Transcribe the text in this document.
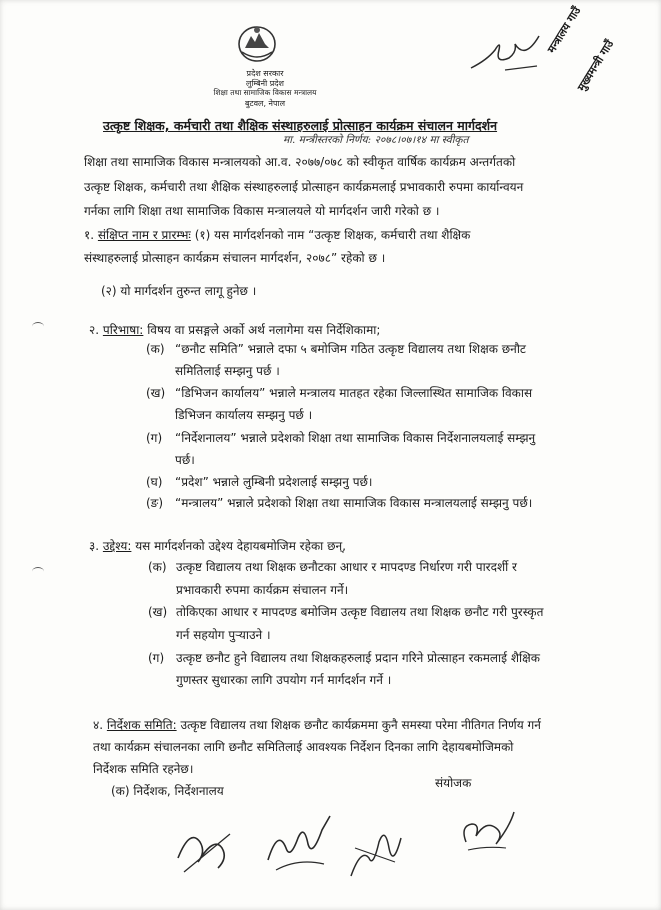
प्रदेश सरकार
लुम्बिनी प्रदेश
शिक्षा तथा सामाजिक विकास मन्त्रालय
बुटवल, नेपाल
मन्त्रालय गाउँ
मुख्यमन्त्री गाउँ
उत्कृष्ट शिक्षक, कर्मचारी तथा शैक्षिक संस्थाहरुलाई प्रोत्साहन कार्यक्रम संचालन मार्गदर्शन
मा. मन्त्रीस्तरको निर्णय: २०७८।०७।१४ मा स्वीकृत
शिक्षा तथा सामाजिक विकास मन्त्रालयको आ.व. २०७७/०७८ को स्वीकृत वार्षिक कार्यक्रम अन्तर्गतको
उत्कृष्ट शिक्षक, कर्मचारी तथा शैक्षिक संस्थाहरुलाई प्रोत्साहन कार्यक्रमलाई प्रभावकारी रुपमा कार्यान्वयन
गर्नका लागि शिक्षा तथा सामाजिक विकास मन्त्रालयले यो मार्गदर्शन जारी गरेको छ ।
१. संक्षिप्त नाम र प्रारम्भः (१) यस मार्गदर्शनको नाम “उत्कृष्ट शिक्षक, कर्मचारी तथा शैक्षिक
संस्थाहरुलाई प्रोत्साहन कार्यक्रम संचालन मार्गदर्शन, २०७८” रहेको छ ।
(२) यो मार्गदर्शन तुरुन्त लागू हुनेछ ।
२. परिभाषा: विषय वा प्रसङ्गले अर्को अर्थ नलागेमा यस निर्देशिकामा;
(क) “छनौट समिति” भन्नाले दफा ५ बमोजिम गठित उत्कृष्ट विद्यालय तथा शिक्षक छनौट
समितिलाई सम्झनु पर्छ ।
(ख) “डिभिजन कार्यालय” भन्नाले मन्त्रालय मातहत रहेका जिल्लास्थित सामाजिक विकास
डिभिजन कार्यालय सम्झनु पर्छ ।
(ग) “निर्देशनालय” भन्नाले प्रदेशको शिक्षा तथा सामाजिक विकास निर्देशनालयलाई सम्झनु
पर्छ।
(घ) “प्रदेश” भन्नाले लुम्बिनी प्रदेशलाई सम्झनु पर्छ।
(ङ) “मन्त्रालय” भन्नाले प्रदेशको शिक्षा तथा सामाजिक विकास मन्त्रालयलाई सम्झनु पर्छ।
३. उद्देश्य: यस मार्गदर्शनको उद्देश्य देहायबमोजिम रहेका छन्,
(क) उत्कृष्ट विद्यालय तथा शिक्षक छनौटका आधार र मापदण्ड निर्धारण गरी पारदर्शी र
प्रभावकारी रुपमा कार्यक्रम संचालन गर्ने।
(ख) तोकिएका आधार र मापदण्ड बमोजिम उत्कृष्ट विद्यालय तथा शिक्षक छनौट गरी पुरस्कृत
गर्न सहयोग पुऱ्याउने ।
(ग) उत्कृष्ट छनौट हुने विद्यालय तथा शिक्षकहरुलाई प्रदान गरिने प्रोत्साहन रकमलाई शैक्षिक
गुणस्तर सुधारका लागि उपयोग गर्न मार्गदर्शन गर्ने ।
४. निर्देशक समिति: उत्कृष्ट विद्यालय तथा शिक्षक छनौट कार्यक्रममा कुनै समस्या परेमा नीतिगत निर्णय गर्न
तथा कार्यक्रम संचालनका लागि छनौट समितिलाई आवश्यक निर्देशन दिनका लागि देहायबमोजिमको
निर्देशक समिति रहनेछ।
(क) निर्देशक, निर्देशनालय
संयोजक
